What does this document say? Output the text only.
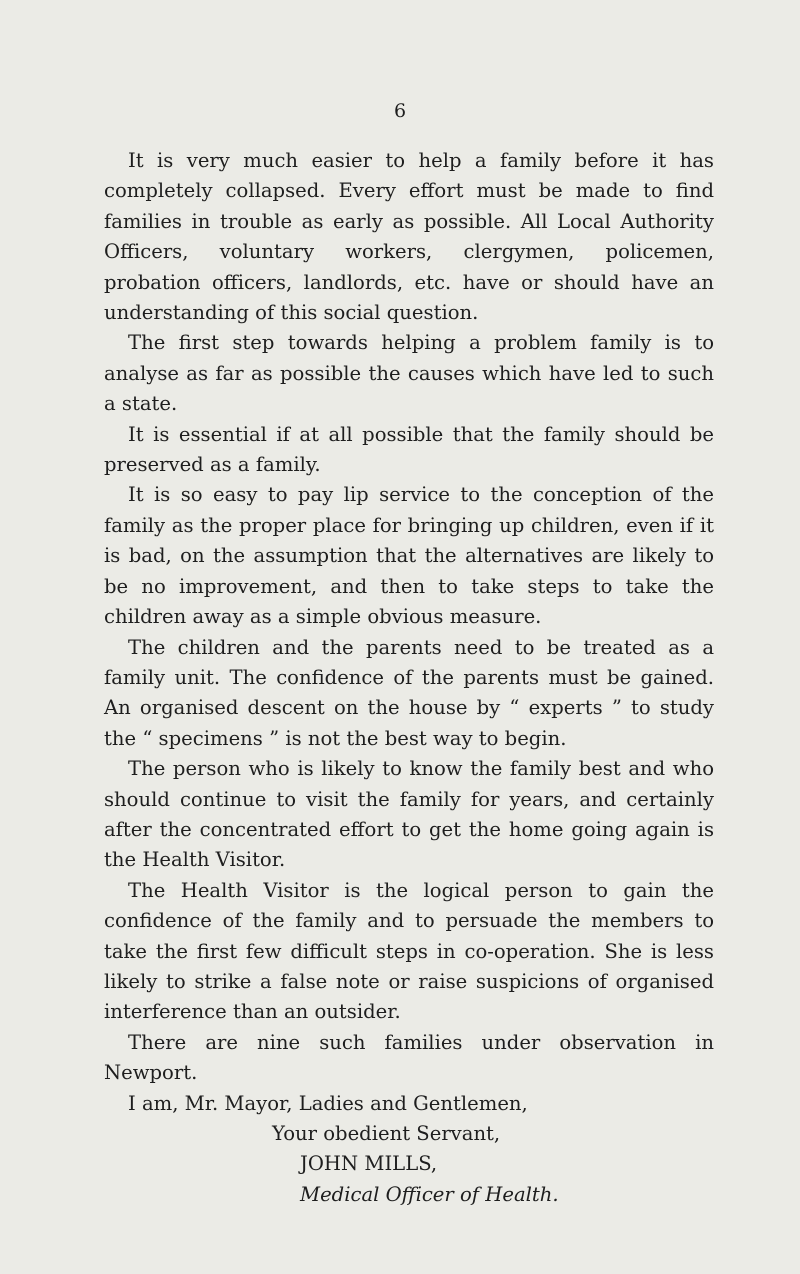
6

It is very much easier to help a family before it has completely collapsed. Every effort must be made to find families in trouble as early as possible. All Local Authority Officers, voluntary workers, clergymen, policemen, probation officers, landlords, etc. have or should have an understanding of this social question.

The first step towards helping a problem family is to analyse as far as possible the causes which have led to such a state.

It is essential if at all possible that the family should be preserved as a family.

It is so easy to pay lip service to the conception of the family as the proper place for bringing up children, even if it is bad, on the assumption that the alternatives are likely to be no improvement, and then to take steps to take the children away as a simple obvious measure.

The children and the parents need to be treated as a family unit. The confidence of the parents must be gained. An organised descent on the house by “ experts ” to study the “ specimens ” is not the best way to begin.

The person who is likely to know the family best and who should continue to visit the family for years, and certainly after the concentrated effort to get the home going again is the Health Visitor.

The Health Visitor is the logical person to gain the confidence of the family and to persuade the members to take the first few difficult steps in co-operation. She is less likely to strike a false note or raise suspicions of organised interference than an outsider.

There are nine such families under observation in Newport.

I am, Mr. Mayor, Ladies and Gentlemen,
Your obedient Servant,
JOHN MILLS,
Medical Officer of Health.
